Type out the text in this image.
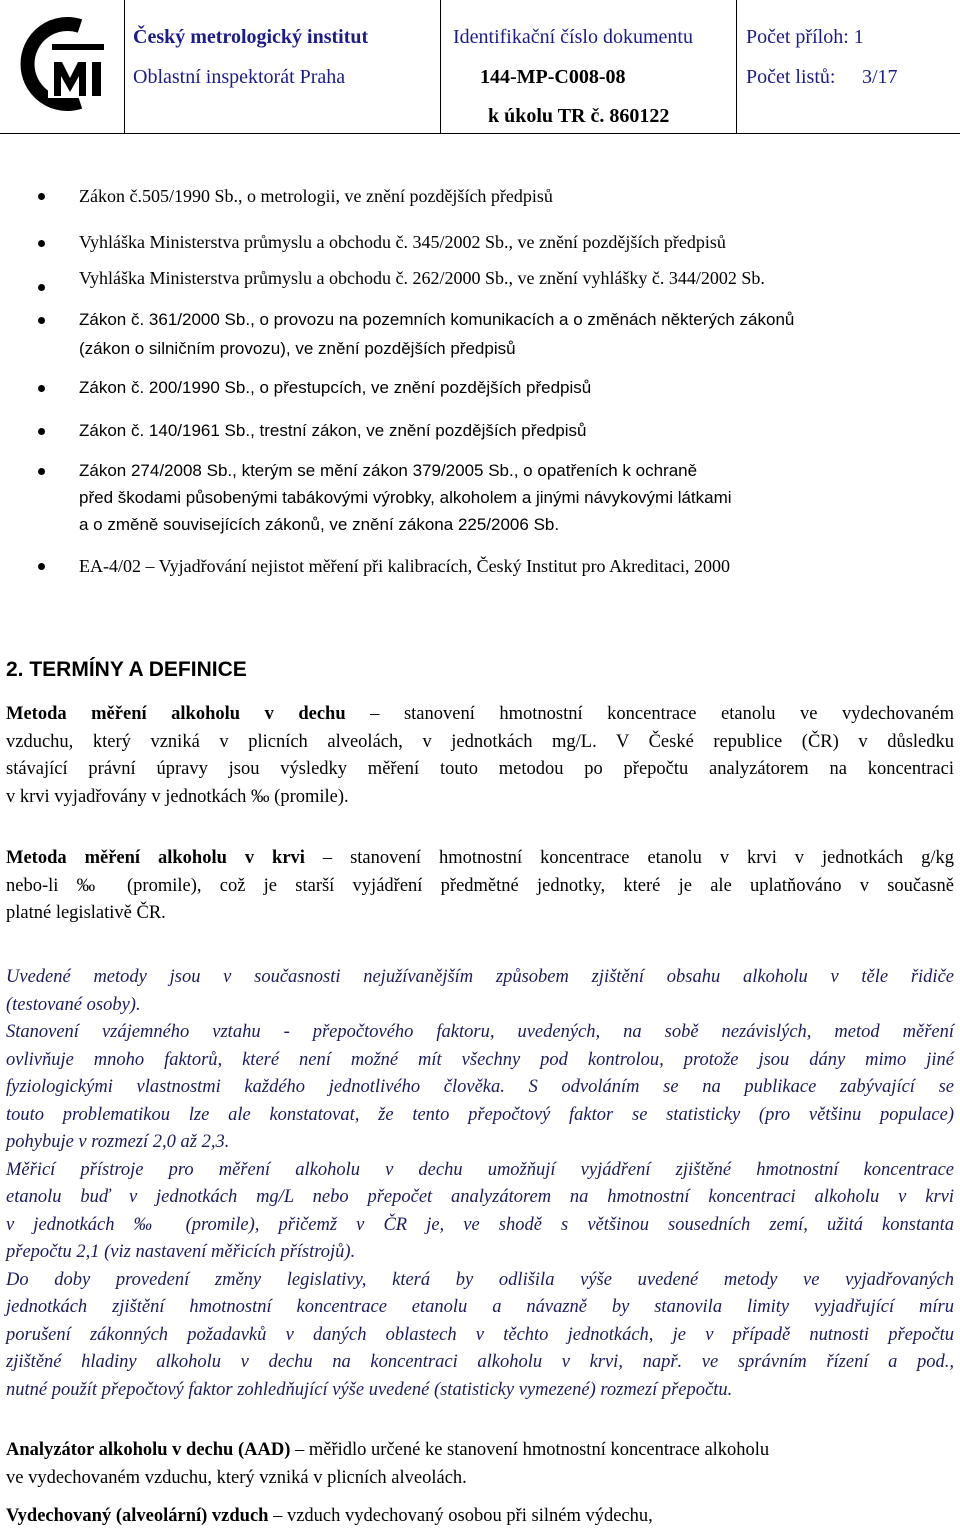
Český metrologický institut
Oblastní inspektorát Praha
Identifikační číslo dokumentu
144-MP-C008-08
k úkolu TR č. 860122
Počet příloh: 1
Počet listů: 3/17
Zákon č.505/1990 Sb., o metrologii, ve znění pozdějších předpisů
Vyhláška Ministerstva průmyslu a obchodu č. 345/2002 Sb., ve znění pozdějších předpisů
Vyhláška Ministerstva průmyslu a obchodu č. 262/2000 Sb., ve znění vyhlášky č. 344/2002 Sb.
Zákon č. 361/2000 Sb., o provozu na pozemních komunikacích a o změnách některých zákonů
(zákon o silničním provozu), ve znění pozdějších předpisů
Zákon č. 200/1990 Sb., o přestupcích, ve znění pozdějších předpisů
Zákon č. 140/1961 Sb., trestní zákon, ve znění pozdějších předpisů
Zákon 274/2008 Sb., kterým se mění zákon 379/2005 Sb., o opatřeních k ochraně
před škodami působenými tabákovými výrobky, alkoholem a jinými návykovými látkami
a o změně souvisejících zákonů, ve znění zákona 225/2006 Sb.
EA-4/02 – Vyjadřování nejistot měření při kalibracích, Český Institut pro Akreditaci, 2000
2. TERMÍNY A DEFINICE
Metoda měření alkoholu v dechu – stanovení hmotnostní koncentrace etanolu ve vydechovaném
vzduchu, který vzniká v plicních alveolách, v jednotkách mg/L. V České republice (ČR) v důsledku
stávající právní úpravy jsou výsledky měření touto metodou po přepočtu analyzátorem na koncentraci
v krvi vyjadřovány v jednotkách ‰ (promile).
Metoda měření alkoholu v krvi – stanovení hmotnostní koncentrace etanolu v krvi v jednotkách g/kg
nebo-li ‰ (promile), což je starší vyjádření předmětné jednotky, které je ale uplatňováno v současně
platné legislativě ČR.
Uvedené metody jsou v současnosti nejužívanějším způsobem zjištění obsahu alkoholu v těle řidiče
(testované osoby).
Stanovení vzájemného vztahu - přepočtového faktoru, uvedených, na sobě nezávislých, metod měření
ovlivňuje mnoho faktorů, které není možné mít všechny pod kontrolou, protože jsou dány mimo jiné
fyziologickými vlastnostmi každého jednotlivého člověka. S odvoláním se na publikace zabývající se
touto problematikou lze ale konstatovat, že tento přepočtový faktor se statisticky (pro většinu populace)
pohybuje v rozmezí 2,0 až 2,3.
Měřicí přístroje pro měření alkoholu v dechu umožňují vyjádření zjištěné hmotnostní koncentrace
etanolu buď v jednotkách mg/L nebo přepočet analyzátorem na hmotnostní koncentraci alkoholu v krvi
v jednotkách ‰ (promile), přičemž v ČR je, ve shodě s většinou sousedních zemí, užitá konstanta
přepočtu 2,1 (viz nastavení měřicích přístrojů).
Do doby provedení změny legislativy, která by odlišila výše uvedené metody ve vyjadřovaných
jednotkách zjištění hmotnostní koncentrace etanolu a návazně by stanovila limity vyjadřující míru
porušení zákonných požadavků v daných oblastech v těchto jednotkách, je v případě nutnosti přepočtu
zjištěné hladiny alkoholu v dechu na koncentraci alkoholu v krvi, např. ve správním řízení a pod.,
nutné použít přepočtový faktor zohledňující výše uvedené (statisticky vymezené) rozmezí přepočtu.
Analyzátor alkoholu v dechu (AAD) – měřidlo určené ke stanovení hmotnostní koncentrace alkoholu
ve vydechovaném vzduchu, který vzniká v plicních alveolách.
Vydechovaný (alveolární) vzduch – vzduch vydechovaný osobou při silném výdechu,
